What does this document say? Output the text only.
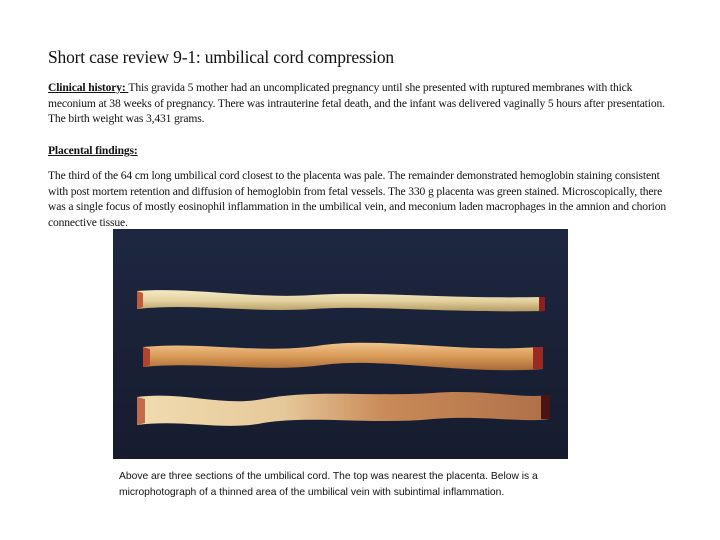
Short case review 9-1: umbilical cord compression
Clinical history: This gravida 5 mother had an uncomplicated pregnancy until she presented with ruptured membranes with thick meconium at 38 weeks of pregnancy. There was intrauterine fetal death, and the infant was delivered vaginally 5 hours after presentation. The birth weight was 3,431 grams.
Placental findings:
The third of the 64 cm long umbilical cord closest to the placenta was pale. The remainder demonstrated hemoglobin staining consistent with post mortem retention and diffusion of hemoglobin from fetal vessels. The 330 g placenta was green stained. Microscopically, there was a single focus of mostly eosinophil inflammation in the umbilical vein, and meconium laden macrophages in the amnion and chorion connective tissue.
Above are three sections of the umbilical cord. The top was nearest the placenta. Below is a microphotograph of a thinned area of the umbilical vein with subintimal inflammation.
